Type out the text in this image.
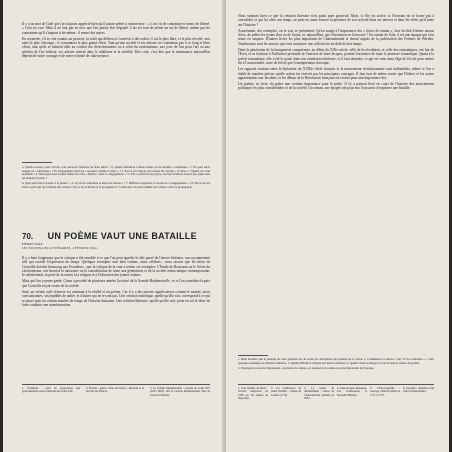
Il y a un mot de Gide que j'ai toujours apprécié bien qu'il puisse prêter à controverse : « L'art vit de contrainte et meurt de liberté. » Cela est vrai. Mais il ne faut pas en tirer que l'art puisse être dégradé. L'art est tout de même un art de liberté, même par les contraintes qu'il s'impose à lui-même : il meurt des autres.

En revanche, s'il se voit soumis au pouvoir, la voilà qui défiera et s'asservit à des ordres. L'art le plus libre, et le plus révolté, sera ainsi le plus classique ; il couronnera le plus grand effort. Tant qu'une société et ses artistes ne consentent pas à ce long et libre effort, tant qu'ils se laissent aller au confort des divertissements ou à celui du conformisme, aux jeux de l'art pour l'art ou aux prêches de l'art réaliste, ses artistes restent dans le nihilisme et la stérilité. Dire cela, c'est dire que la renaissance aujourd'hui dépend de notre courage et de notre volonté de clairvoyance.

1. Quelle société, nous l'avons, tout renouver l'histoire au XXe siècle ? 2. Quelle définition Camus donne-t-il de stérilité « esthétique » ? En quoi est-il engagé en « idéologue » ? Et l'engagement dans les « époques comme la nôtre » ? 3. Est-ce par rapport aux causes du concept « la nôtre » ? Quelle est cette anomalie ? 4. Dans quel sens Camus admet-il le mot « liberté » dans l'« engagement » ? 5. Est-ce qu'il lui est propre, ou bien la liberté n'est-il pas. Quel sens lui donnait-il à leur ?

6. Quel sens faut-il donner à la phrase : « L'art vit de contrainte et meurt de liberté » ? 7. Définir et apprécier la notion de « l'engagement » ? 8. Est-ce de ses échecs qu'il naît de la liberté des artistes ? Est-ce de la liberté et la propagation ? 9. Dévoiler un parti nommé par Camus contre la propagande.

70. UN POÈME VAUT UNE BATAILLE
PIERRE DAIX
LES NOUVELLES LITTÉRAIRES, 2 FÉVRIER 1964.

Il y a bien longtemps que la critique a été sensible à ce que l'on peut appeler le rôle passé de l'œuvre littéraire, son rayonnement réel qui excède l'expression du temps. Quelques exemples sont bien connus, aussi célèbres : nous savons que les héros de Corneille doivent beaucoup aux Frondeurs ; que la critique de la cour a retenu ces exemples. L'Emile de Rousseau ou le Génie du christianisme, ont favorisé la naissance ou la consolidation de toute une génération, et de la société aristocratique contemporaine, le relâchement, la perte de la raison à la religion et à l'éducation des jeunes enfants.

Mais qui l'on y pense garde. Cinna a procédé de plusieurs années l'activité de la Grande Mademoiselle ; et si l'on considère la paix que Corneille reçoit certes de la société.

Seul, un certain style d'œuvre est commun à la réalité et au poème. Car il y a des œuvres significatives comme le monde, aussi convaincantes, susceptibles de naître, et d'autres qui ne le sont pas. Une création esthétique, quelle qu'elle soit, correspond à ce qui se passe pour un certain nombre de temps de l'histoire humaine. Une création littéraire, quelle qu'elle soit, porte en soi le désir de faire conduire une transformation.

1. Frondeurs : parti de l'opposition aux gouvernement sous la minorité de Louis XIV.
2. Fronde : guerre civile en France ; Mazarin et la révolte des Princes.
3. La Grande Mademoiselle : cousine de Louis XIV (1627-1693), dite la Grande Mademoiselle, fille de Gaston d'Orléans.

Nous sommes bien ce que la création littéraire n'est point pure passivité. Mais, si elle est active, si l'écrivain ne se borne pas à consolider ce qui lui offre son temps, ne peut-on aussi trouver la présence de son activité dans ses œuvres et dans les effets qu'il tente sur l'histoire ?

Assurément, des exemples, on le sait, se présentent. Qu'on songe à l'importance des « héros de roman », leur facilité d'attirer autour d'eux, de prêter les tyrans d'un ou de l'autre, et, aujourd'hui, qui s'éternisera en Goncourt ? Un roman de Zola, il est une époque qui s'est tenue en suspens. D'autres livres les plus importants de Chateaubriand et dressé auprès de la publication des Poèmes de Werther. Nombreuses sont les œuvres qui vont constituer une collectivité au-delà de leur temps.

Dans la génération de la bourgeoisie conquérante, au début du XIXe siècle, celle de la révolution, et celle des romantiques, ont fait de l'Ecrit, et sa fonction à l'influence profonde de l'univers de Jean-Jacques, portent l'existence de toute la jeunesse romantique. Quant à la poésie romantique, elle a été le gond, dans son orientation littéraire, et il faut attendre, ce qui est venu dans l'âge de l'école pour mettre fin à l'avancement, sorte de fièvre que l'enseignement classique.

Les rapports existant entre la littérature du XVIIIe siècle français et la mouvement révolutionnaire sont indéniables, même si l'on a établi de manière précise quelle action fut exercée par les principaux ouvrages. Il faut tout de même savoir que Diderot et les autres appartenaient aux Jacobins, et les débats de la Révolution française est restent pour une importance des.

Un poème, en livre, n'a guère une certaine importance pour le poète. Il s'y a partout livré en cours de l'histoire des mouvements politiques les plus considérables et de la société. Un roman, une épopée ont pour eux le pouvoir d'exprimer une bataille.

1. Bien montrer que le premier de cette question est de toutes les disciplines des poèmes de la vérité. 2. Commenter la phrase « l'art vit de contrainte »... Citer quelques exemples de l'histoire littéraire. 3. Quelle définition critique de l'œuvre littéraire. 4. Quelle valeur politique à l'œuvre dans la nature du poème.

5. Expliquer le sens de l'expression « les héros de roman » et analyser les poèmes les plus importants de l'époque.

1. Une bataille de Brest : victoire remportée en 1796 par les armées de Napoléon.
2. Les Souffrances du jeune Werther : roman de Goethe (1774).
3. Le Génie du christianisme : œuvre de Chateaubriand publiée en 1802.
4. Jean-Jacques Rousseau, Les Confessions, la Nouvelle Héloïse.
5. L'Encyclopédie : ouvrage collectif publié de 1751 à 1772.
6. Jacobins : membres d'un club révolutionnaire.
